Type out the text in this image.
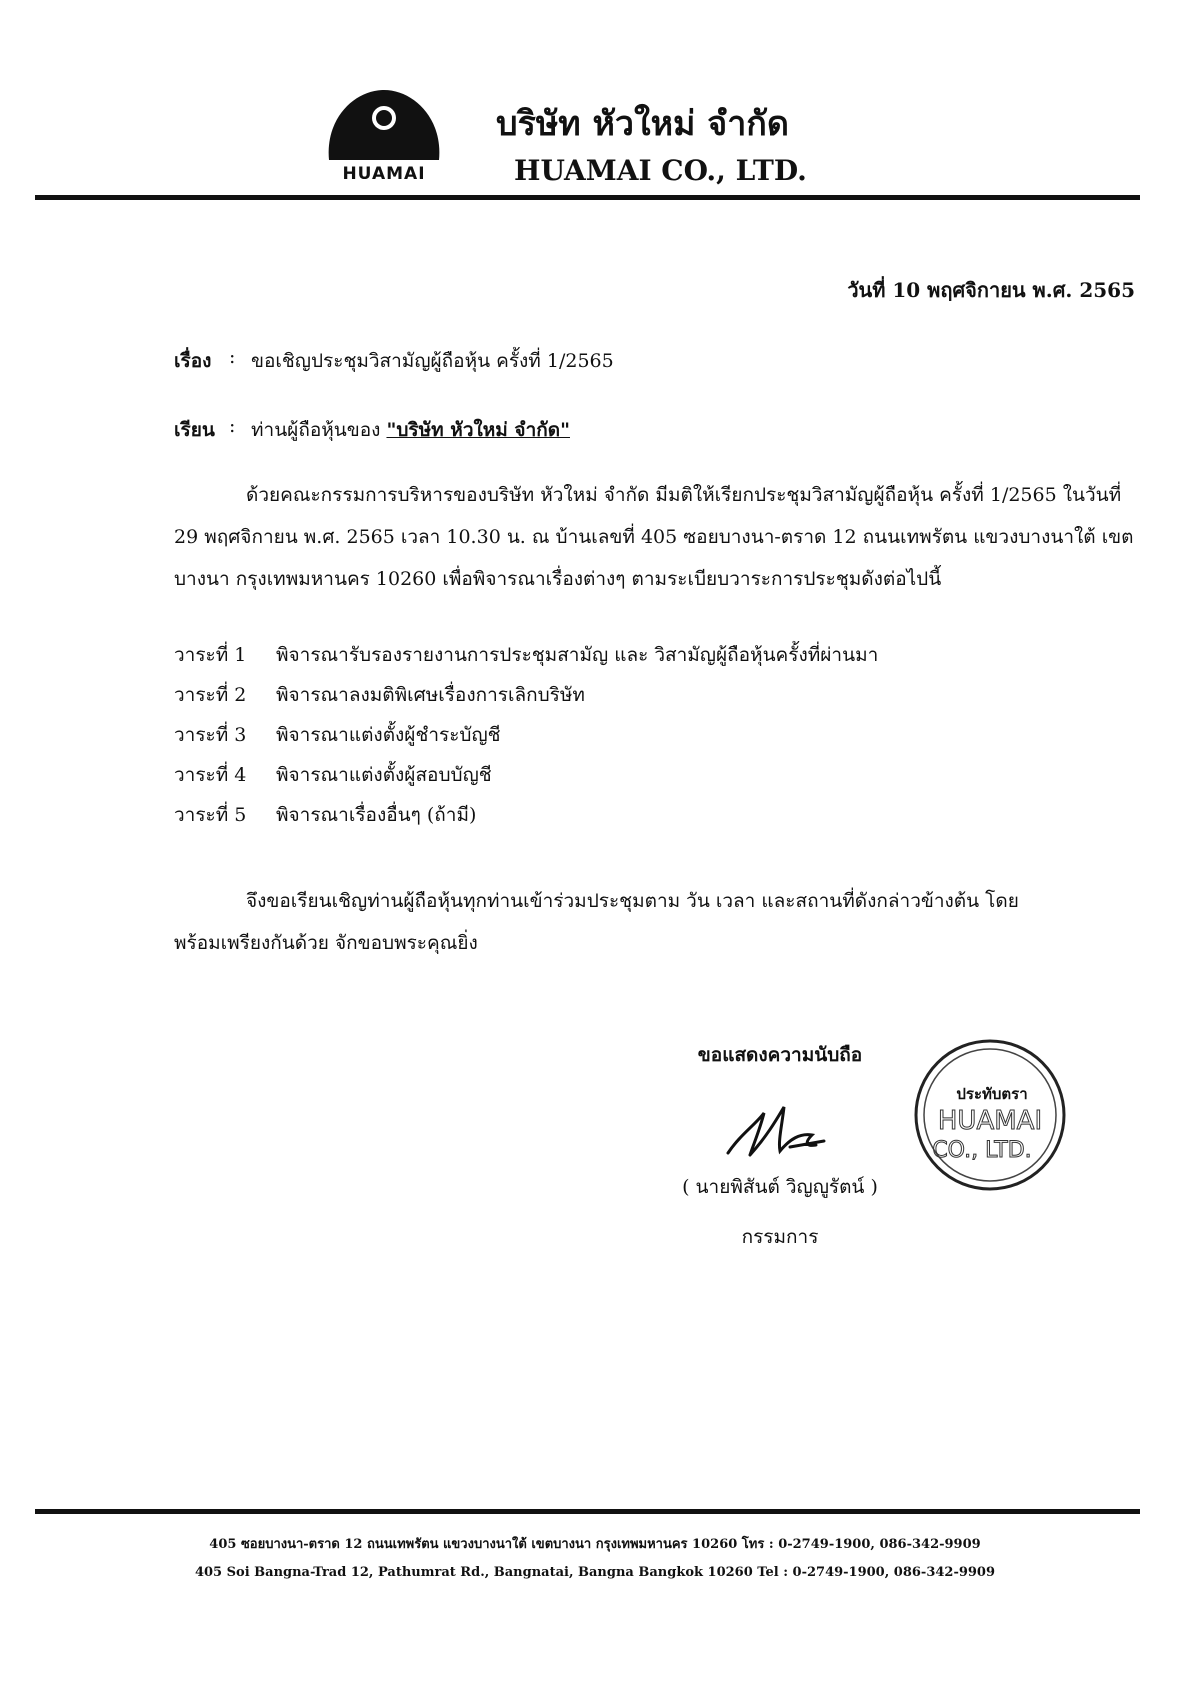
HUAMAI
บริษัท หัวใหม่ จำกัด
HUAMAI CO., LTD.
วันที่ 10 พฤศจิกายน พ.ศ. 2565
เรื่อง : ขอเชิญประชุมวิสามัญผู้ถือหุ้น ครั้งที่ 1/2565
เรียน : ท่านผู้ถือหุ้นของ "บริษัท หัวใหม่ จำกัด"
ด้วยคณะกรรมการบริหารของบริษัท หัวใหม่ จำกัด มีมติให้เรียกประชุมวิสามัญผู้ถือหุ้น ครั้งที่ 1/2565 ในวันที่ 29 พฤศจิกายน พ.ศ. 2565 เวลา 10.30 น. ณ บ้านเลขที่ 405 ซอยบางนา-ตราด 12 ถนนเทพรัตน แขวงบางนาใต้ เขตบางนา กรุงเทพมหานคร 10260 เพื่อพิจารณาเรื่องต่างๆ ตามระเบียบวาระการประชุมดังต่อไปนี้
วาระที่ 1 พิจารณารับรองรายงานการประชุมสามัญ และ วิสามัญผู้ถือหุ้นครั้งที่ผ่านมา
วาระที่ 2 พิจารณาลงมติพิเศษเรื่องการเลิกบริษัท
วาระที่ 3 พิจารณาแต่งตั้งผู้ชำระบัญชี
วาระที่ 4 พิจารณาแต่งตั้งผู้สอบบัญชี
วาระที่ 5 พิจารณาเรื่องอื่นๆ (ถ้ามี)
จึงขอเรียนเชิญท่านผู้ถือหุ้นทุกท่านเข้าร่วมประชุมตาม วัน เวลา และสถานที่ดังกล่าวข้างต้น โดยพร้อมเพรียงกันด้วย จักขอบพระคุณยิ่ง
ขอแสดงความนับถือ
( นายพิสันต์ วิญญูรัตน์ )
กรรมการ
ประทับตรา
HUAMAI
CO., LTD.
405 ซอยบางนา-ตราด 12 ถนนเทพรัตน แขวงบางนาใต้ เขตบางนา กรุงเทพมหานคร 10260 โทร : 0-2749-1900, 086-342-9909
405 Soi Bangna-Trad 12, Pathumrat Rd., Bangnatai, Bangna Bangkok 10260 Tel : 0-2749-1900, 086-342-9909
